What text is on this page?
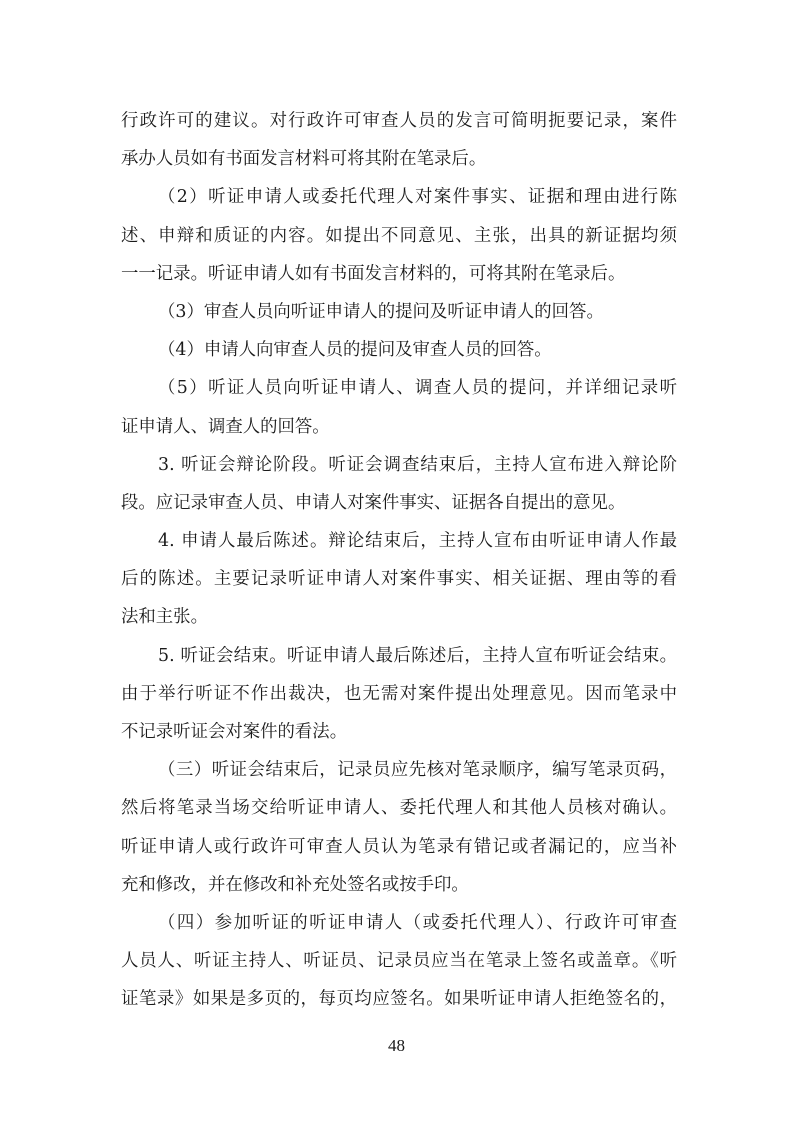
行政许可的建议。对行政许可审查人员的发言可简明扼要记录，案件
承办人员如有书面发言材料可将其附在笔录后。
（2）听证申请人或委托代理人对案件事实、证据和理由进行陈
述、申辩和质证的内容。如提出不同意见、主张，出具的新证据均须
一一记录。听证申请人如有书面发言材料的，可将其附在笔录后。
（3）审查人员向听证申请人的提问及听证申请人的回答。
（4）申请人向审查人员的提问及审查人员的回答。
（5）听证人员向听证申请人、调查人员的提问，并详细记录听
证申请人、调查人的回答。
3. 听证会辩论阶段。听证会调查结束后，主持人宣布进入辩论阶
段。应记录审查人员、申请人对案件事实、证据各自提出的意见。
4. 申请人最后陈述。辩论结束后，主持人宣布由听证申请人作最
后的陈述。主要记录听证申请人对案件事实、相关证据、理由等的看
法和主张。
5. 听证会结束。听证申请人最后陈述后，主持人宣布听证会结束。
由于举行听证不作出裁决，也无需对案件提出处理意见。因而笔录中
不记录听证会对案件的看法。
（三）听证会结束后，记录员应先核对笔录顺序，编写笔录页码，
然后将笔录当场交给听证申请人、委托代理人和其他人员核对确认。
听证申请人或行政许可审查人员认为笔录有错记或者漏记的，应当补
充和修改，并在修改和补充处签名或按手印。
（四）参加听证的听证申请人（或委托代理人）、行政许可审查
人员人、听证主持人、听证员、记录员应当在笔录上签名或盖章。《听
证笔录》如果是多页的，每页均应签名。如果听证申请人拒绝签名的，
48
